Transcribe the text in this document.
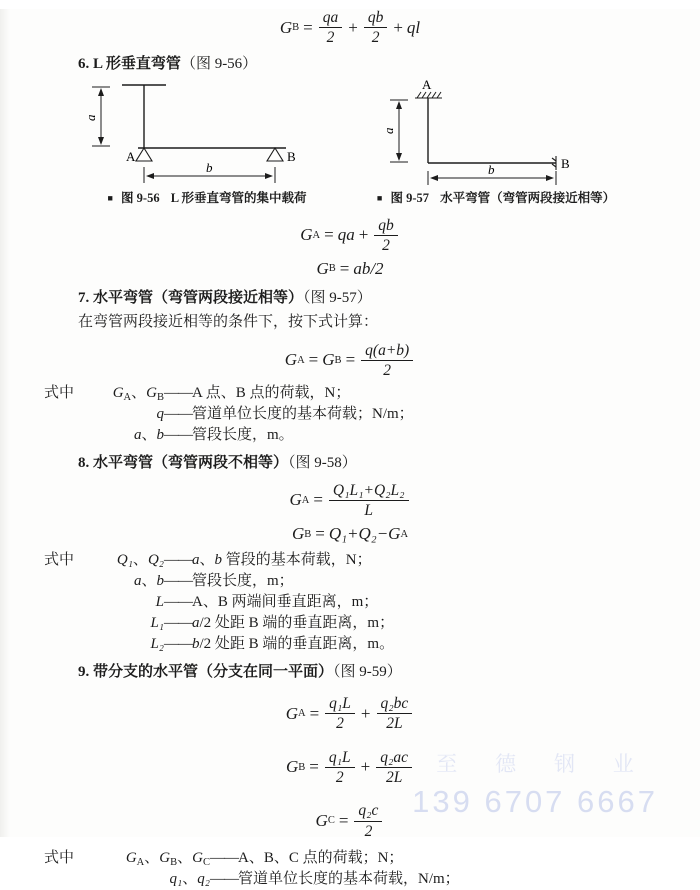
至 德 钢 业
139 6707 6667
G $B = \frac{qa}{2} + \frac{qb}{2}$ + ql
6. L 形垂直弯管（图 9-56）
A	B
a
b
■ 图 9-56 L 形垂直弯管的集中载荷
A
B
a
b
■ 图 9-57 水平弯管（弯管两段接近相等）
G A = qa + $\frac{qb}{2}$
G B = ab/2
7. 水平弯管（弯管两段接近相等）（图 9-57）
在弯管两段接近相等的条件下，按下式计算：
G A = G $B = \frac{q(a+b)}{2}$
式中	$G_A$、$G_B$ —— A 点、B 点的荷载，N；
q —— 管道单位长度的基本荷载；N/m；
a、b —— 管段长度，m。
8. 水平弯管（弯管两段不相等）（图 9-58）
G $A = \frac{\text{Q₁L₁+Q₂L₂}}{L}$
G B = Q₁+Q₂− G A
式中	Q₁、Q₂ —— a、b 管段的基本荷载，N；
a、b —— 管段长度，m；
L —— A、B 两端间垂直距离，m；
L₁ —— a/2 处距 B 端的垂直距离，m；
L₂ —— b/2 处距 B 端的垂直距离，m。
9. 带分支的水平管（分支在同一平面）（图 9-59）
G $A = \frac{\text{q₁L}}{2} + \frac{\text{q₂bc}}{2L}$
G $B = \frac{\text{q₁L}}{2} + \frac{\text{q₂ac}}{2L}$
G $C = \frac{\text{q₂c}}{2}$
式中	$G_A$、$G_B$、$G_C$ —— A、B、C 点的荷载；N；
q₁、q₂ —— 管道单位长度的基本荷载，N/m；
